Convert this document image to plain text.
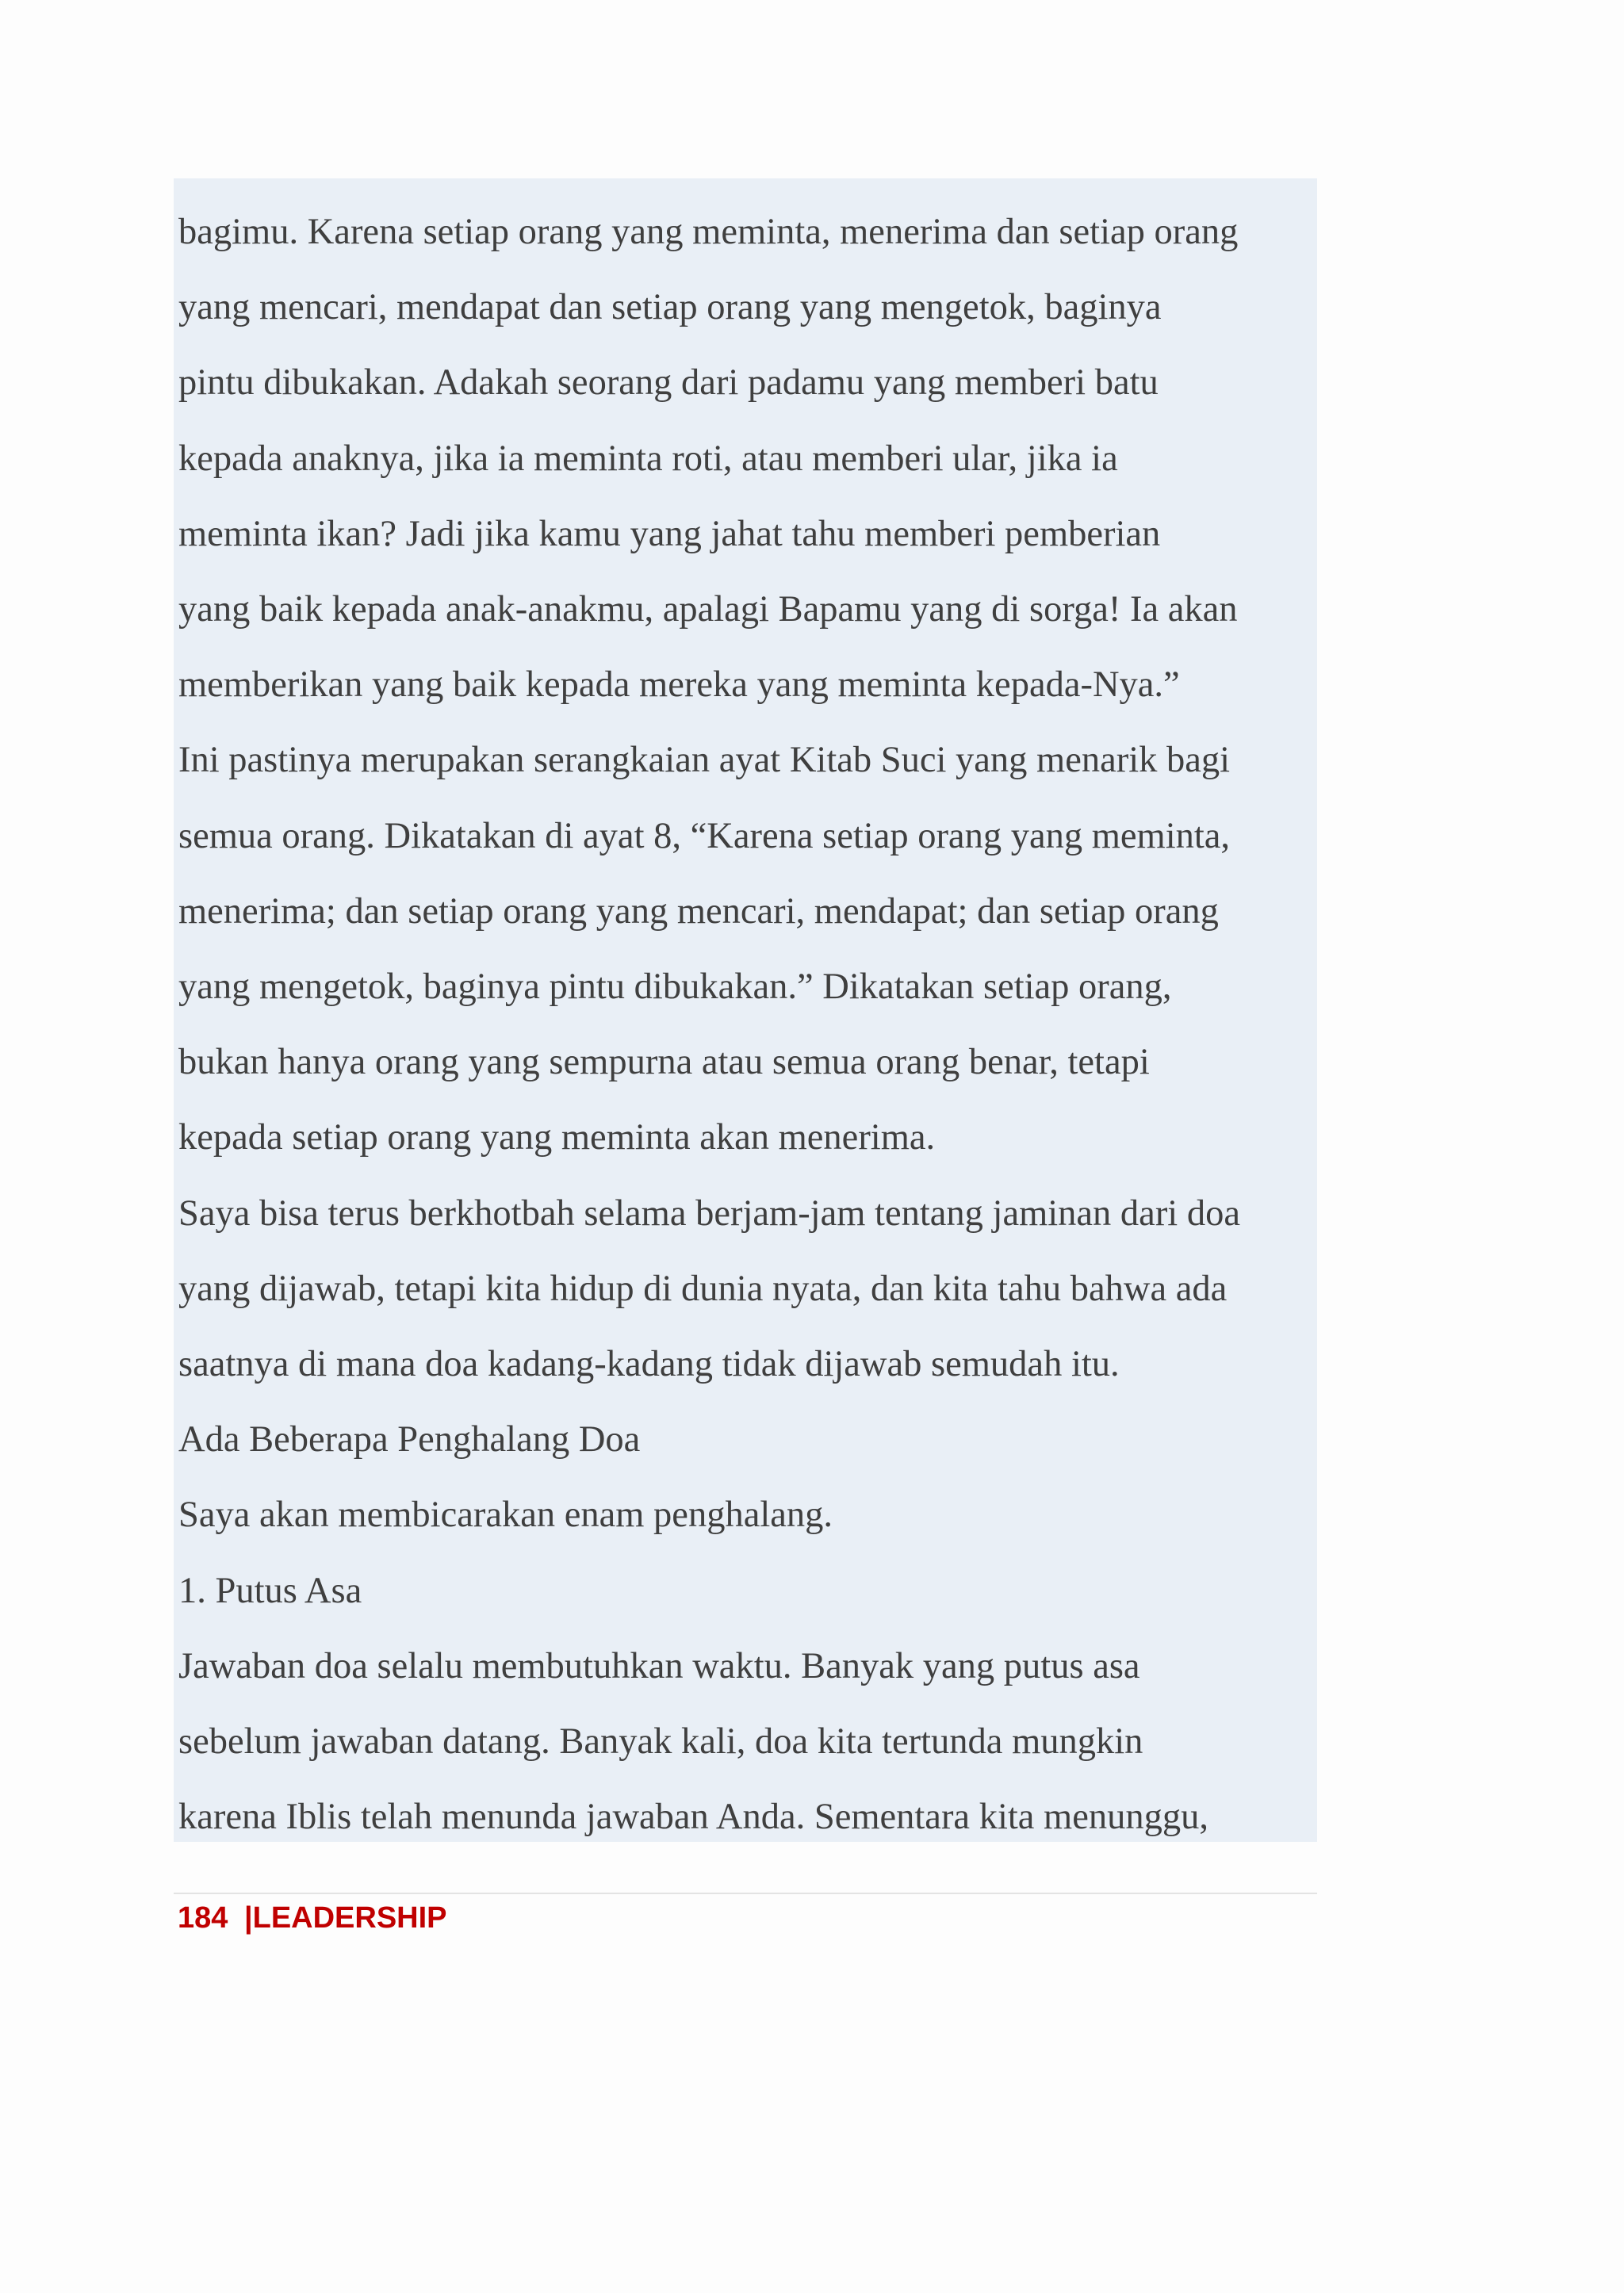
bagimu. Karena setiap orang yang meminta, menerima dan setiap orang
yang mencari, mendapat dan setiap orang yang mengetok, baginya
pintu dibukakan. Adakah seorang dari padamu yang memberi batu
kepada anaknya, jika ia meminta roti, atau memberi ular, jika ia
meminta ikan? Jadi jika kamu yang jahat tahu memberi pemberian
yang baik kepada anak-anakmu, apalagi Bapamu yang di sorga! Ia akan
memberikan yang baik kepada mereka yang meminta kepada-Nya.”
Ini pastinya merupakan serangkaian ayat Kitab Suci yang menarik bagi
semua orang. Dikatakan di ayat 8, “Karena setiap orang yang meminta,
menerima; dan setiap orang yang mencari, mendapat; dan setiap orang
yang mengetok, baginya pintu dibukakan.” Dikatakan setiap orang,
bukan hanya orang yang sempurna atau semua orang benar, tetapi
kepada setiap orang yang meminta akan menerima.
Saya bisa terus berkhotbah selama berjam-jam tentang jaminan dari doa
yang dijawab, tetapi kita hidup di dunia nyata, dan kita tahu bahwa ada
saatnya di mana doa kadang-kadang tidak dijawab semudah itu.
Ada Beberapa Penghalang Doa
Saya akan membicarakan enam penghalang.
1. Putus Asa
Jawaban doa selalu membutuhkan waktu. Banyak yang putus asa
sebelum jawaban datang. Banyak kali, doa kita tertunda mungkin
karena Iblis telah menunda jawaban Anda. Sementara kita menunggu,
184 |LEADERSHIP
